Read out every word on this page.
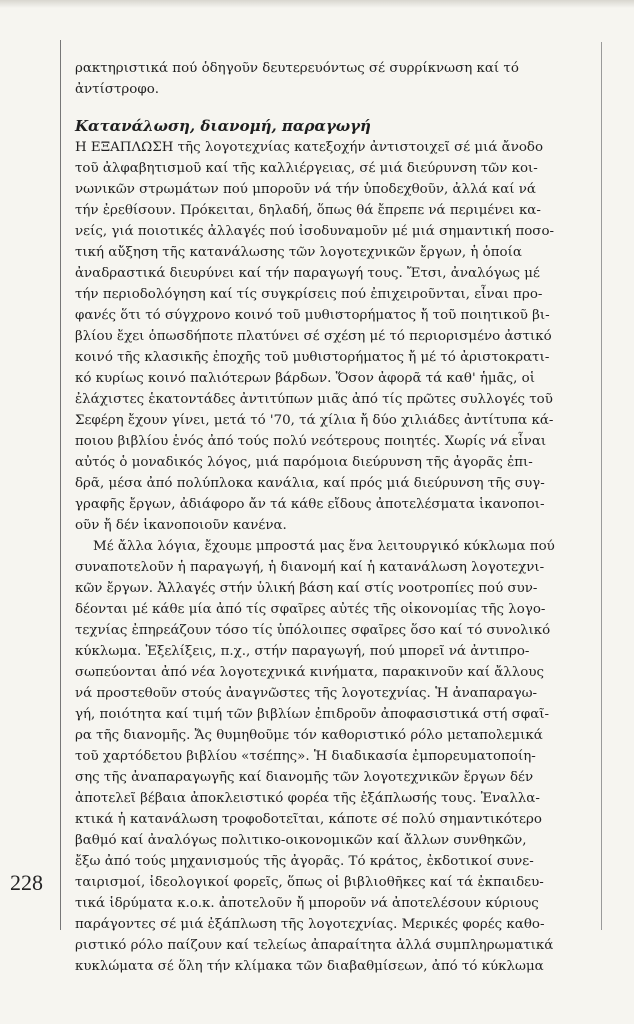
228

ρακτηριστικά πού ὁδηγοῦν δευτερευόντως σέ συρρίκνωση καί τό
ἀντίστροφο.

Κατανάλωση, διανομή, παραγωγή

Η ΕΞΑΠΛΩΣΗ τῆς λογοτεχνίας κατεξοχήν ἀντιστοιχεῖ σέ μιά ἄνοδο
τοῦ ἀλφαβητισμοῦ καί τῆς καλλιέργειας, σέ μιά διεύρυνση τῶν κοι-
νωνικῶν στρωμάτων πού μποροῦν νά τήν ὑποδεχθοῦν, ἀλλά καί νά
τήν ἐρεθίσουν. Πρόκειται, δηλαδή, ὅπως θά ἔπρεπε νά περιμένει κα-
νείς, γιά ποιοτικές ἀλλαγές πού ἰσοδυναμοῦν μέ μιά σημαντική ποσο-
τική αὔξηση τῆς κατανάλωσης τῶν λογοτεχνικῶν ἔργων, ἡ ὁποία
ἀναδραστικά διευρύνει καί τήν παραγωγή τους. Ἔτσι, ἀναλόγως μέ
τήν περιοδολόγηση καί τίς συγκρίσεις πού ἐπιχειροῦνται, εἶναι προ-
φανές ὅτι τό σύγχρονο κοινό τοῦ μυθιστορήματος ἤ τοῦ ποιητικοῦ βι-
βλίου ἔχει ὁπωσδήποτε πλατύνει σέ σχέση μέ τό περιορισμένο ἀστικό
κοινό τῆς κλασικῆς ἐποχῆς τοῦ μυθιστορήματος ἤ μέ τό ἀριστοκρατι-
κό κυρίως κοινό παλιότερων βάρδων. Ὅσον ἀφορᾶ τά καθ' ἡμᾶς, οἱ
ἐλάχιστες ἑκατοντάδες ἀντιτύπων μιᾶς ἀπό τίς πρῶτες συλλογές τοῦ
Σεφέρη ἔχουν γίνει, μετά τό '70, τά χίλια ἤ δύο χιλιάδες ἀντίτυπα κά-
ποιου βιβλίου ἑνός ἀπό τούς πολύ νεότερους ποιητές. Χωρίς νά εἶναι
αὐτός ὁ μοναδικός λόγος, μιά παρόμοια διεύρυνση τῆς ἀγορᾶς ἐπι-
δρᾶ, μέσα ἀπό πολύπλοκα κανάλια, καί πρός μιά διεύρυνση τῆς συγ-
γραφῆς ἔργων, ἀδιάφορο ἄν τά κάθε εἴδους ἀποτελέσματα ἱκανοποι-
οῦν ἤ δέν ἱκανοποιοῦν κανένα.

Μέ ἄλλα λόγια, ἔχουμε μπροστά μας ἕνα λειτουργικό κύκλωμα πού
συναποτελοῦν ἡ παραγωγή, ἡ διανομή καί ἡ κατανάλωση λογοτεχνι-
κῶν ἔργων. Ἀλλαγές στήν ὑλική βάση καί στίς νοοτροπίες πού συν-
δέονται μέ κάθε μία ἀπό τίς σφαῖρες αὐτές τῆς οἰκονομίας τῆς λογο-
τεχνίας ἐπηρεάζουν τόσο τίς ὑπόλοιπες σφαῖρες ὅσο καί τό συνολικό
κύκλωμα. Ἐξελίξεις, π.χ., στήν παραγωγή, πού μπορεῖ νά ἀντιπρο-
σωπεύονται ἀπό νέα λογοτεχνικά κινήματα, παρακινοῦν καί ἄλλους
νά προστεθοῦν στούς ἀναγνῶστες τῆς λογοτεχνίας. Ἡ ἀναπαραγω-
γή, ποιότητα καί τιμή τῶν βιβλίων ἐπιδροῦν ἀποφασιστικά στή σφαῖ-
ρα τῆς διανομῆς. Ἄς θυμηθοῦμε τόν καθοριστικό ρόλο μεταπολεμικά
τοῦ χαρτόδετου βιβλίου «τσέπης». Ἡ διαδικασία ἐμπορευματοποίη-
σης τῆς ἀναπαραγωγῆς καί διανομῆς τῶν λογοτεχνικῶν ἔργων δέν
ἀποτελεῖ βέβαια ἀποκλειστικό φορέα τῆς ἐξάπλωσής τους. Ἐναλλα-
κτικά ἡ κατανάλωση τροφοδοτεῖται, κάποτε σέ πολύ σημαντικότερο
βαθμό καί ἀναλόγως πολιτικο-οικονομικῶν καί ἄλλων συνθηκῶν,
ἔξω ἀπό τούς μηχανισμούς τῆς ἀγορᾶς. Τό κράτος, ἐκδοτικοί συνε-
ταιρισμοί, ἰδεολογικοί φορεῖς, ὅπως οἱ βιβλιοθῆκες καί τά ἐκπαιδευ-
τικά ἱδρύματα κ.ο.κ. ἀποτελοῦν ἤ μποροῦν νά ἀποτελέσουν κύριους
παράγοντες σέ μιά ἐξάπλωση τῆς λογοτεχνίας. Μερικές φορές καθο-
ριστικό ρόλο παίζουν καί τελείως ἀπαραίτητα ἀλλά συμπληρωματικά
κυκλώματα σέ ὅλη τήν κλίμακα τῶν διαβαθμίσεων, ἀπό τό κύκλωμα
